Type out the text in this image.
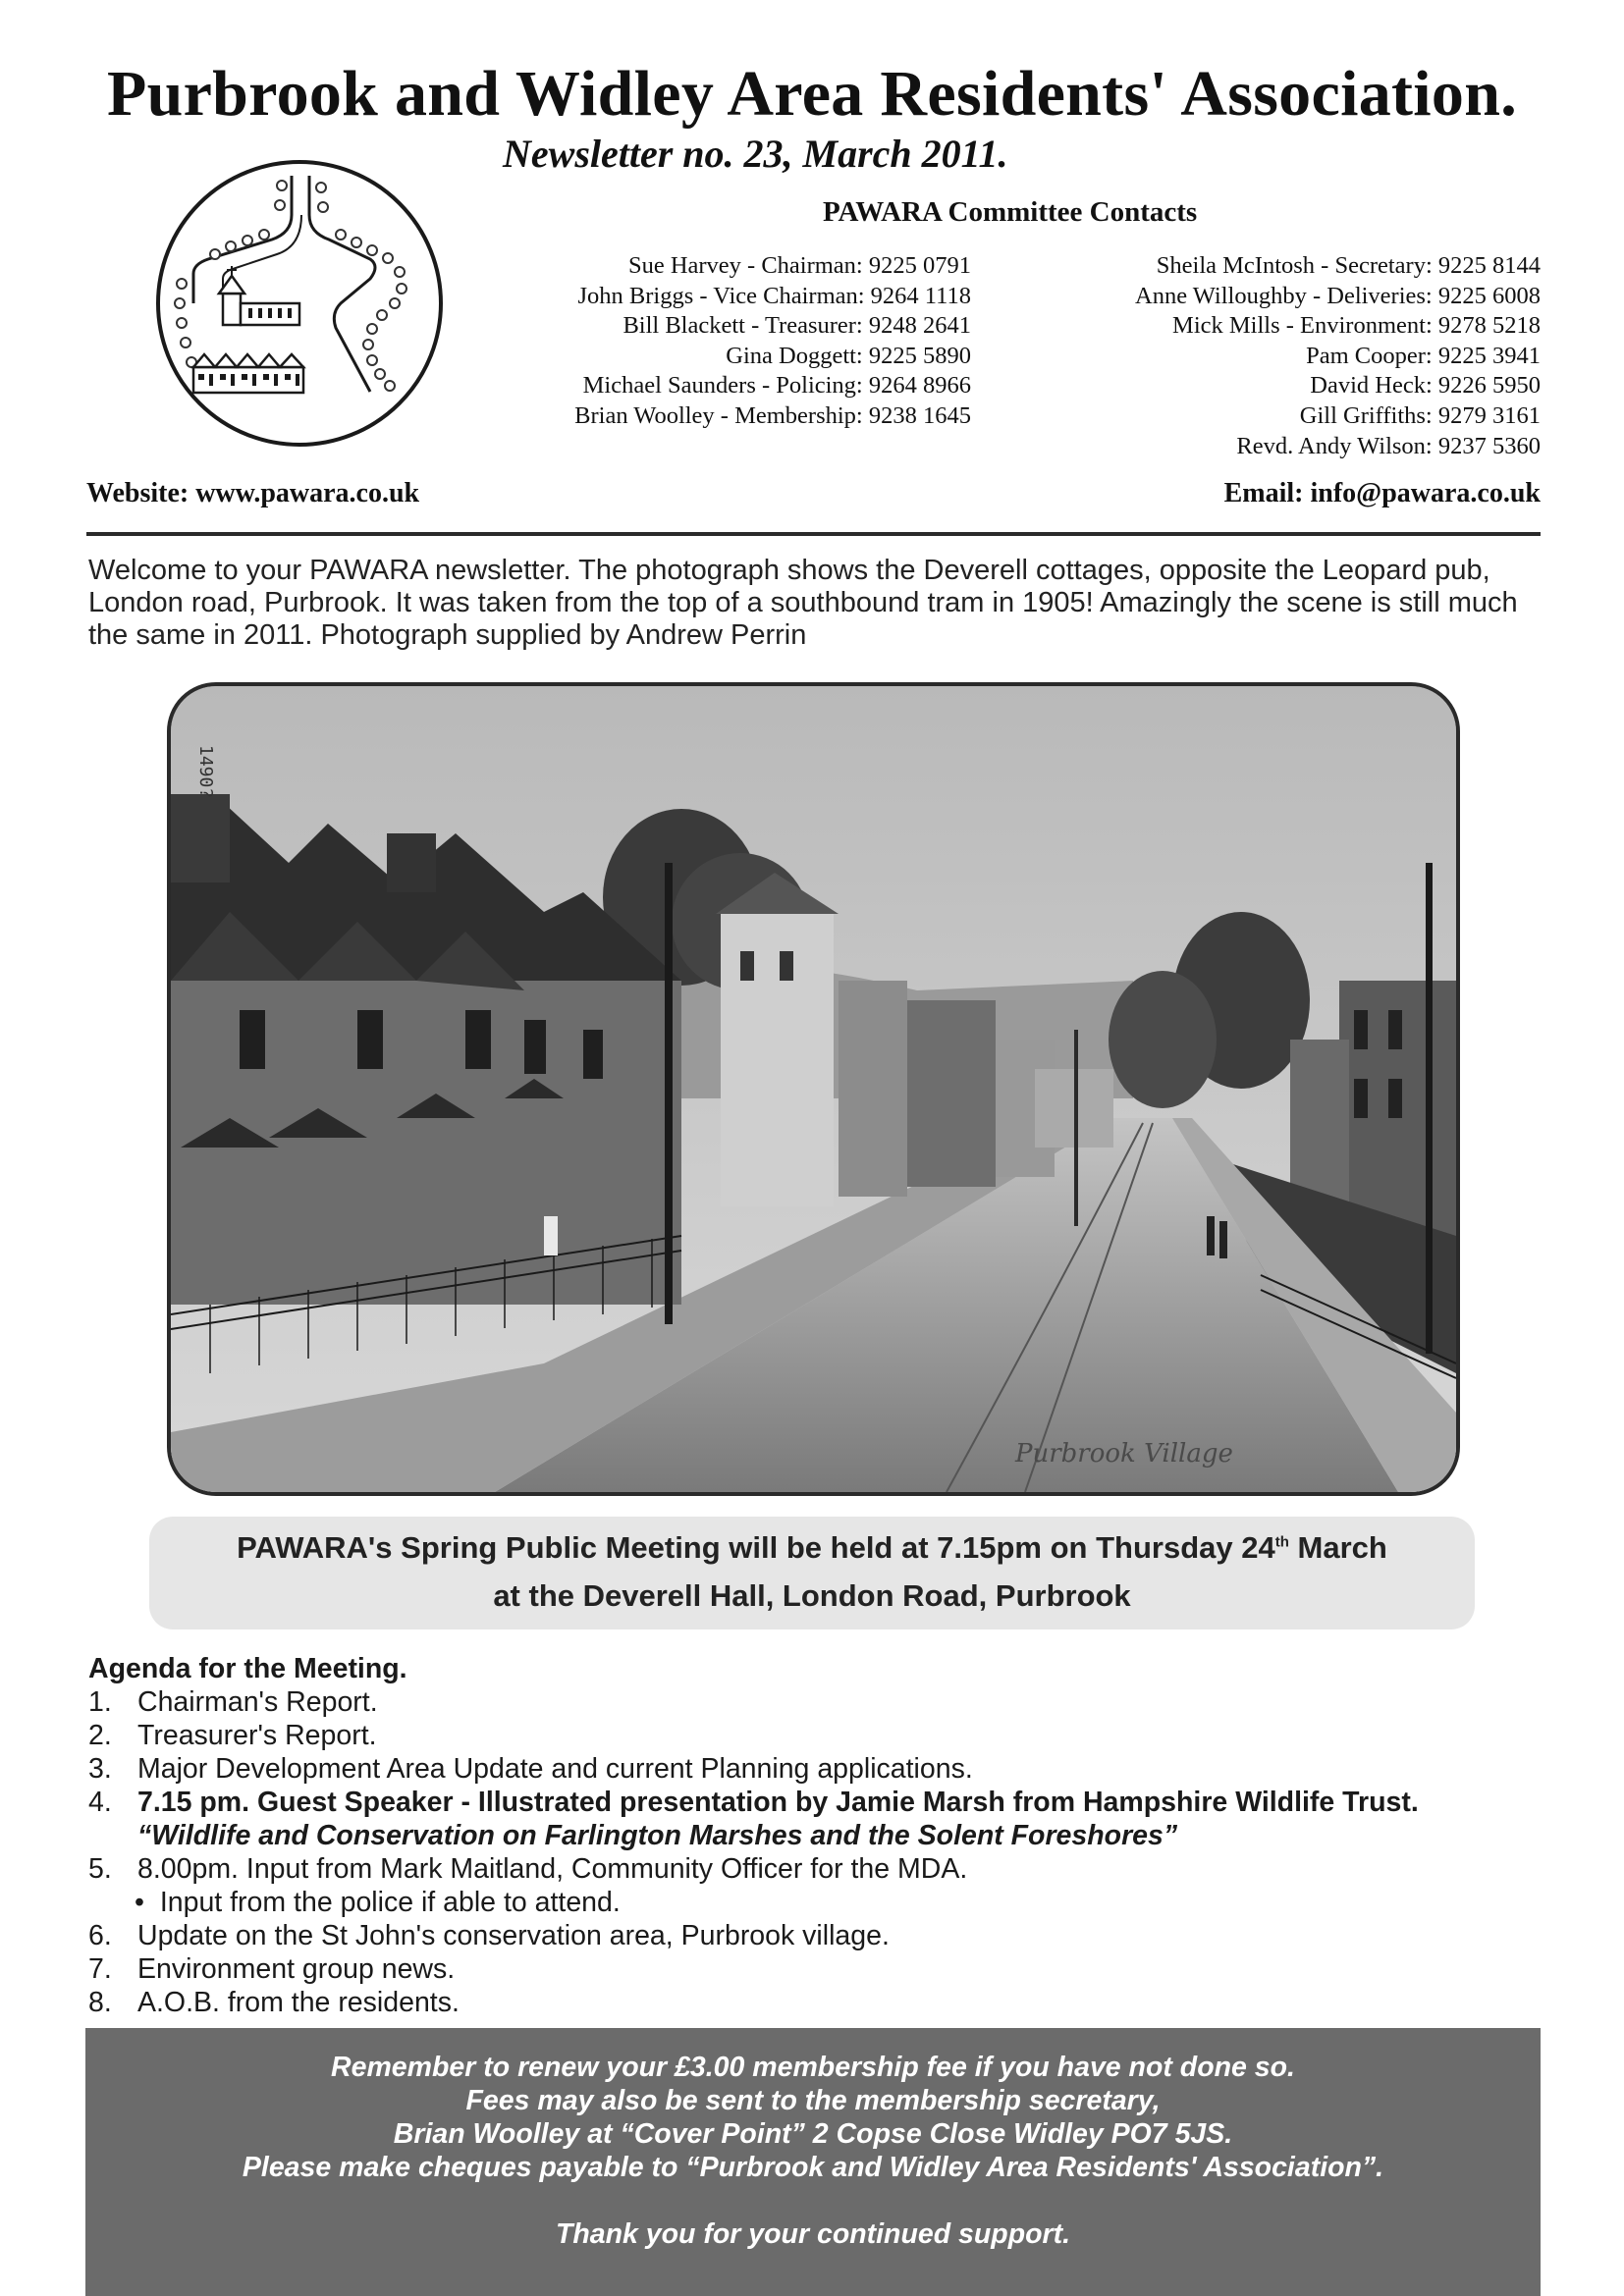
Purbrook and Widley Area Residents' Association.
Newsletter no. 23, March 2011.
PAWARA Committee Contacts
Sue Harvey - Chairman: 9225 0791
John Briggs - Vice Chairman: 9264 1118
Bill Blackett - Treasurer: 9248 2641
Gina Doggett: 9225 5890
Michael Saunders - Policing: 9264 8966
Brian Woolley - Membership: 9238 1645
Sheila McIntosh - Secretary: 9225 8144
Anne Willoughby - Deliveries: 9225 6008
Mick Mills - Environment: 9278 5218
Pam Cooper: 9225 3941
David Heck: 9226 5950
Gill Griffiths: 9279 3161
Revd. Andy Wilson: 9237 5360
Website: www.pawara.co.uk	Email: info@pawara.co.uk
Welcome to your PAWARA newsletter. The photograph shows the Deverell cottages, opposite the Leopard pub, London road, Purbrook. It was taken from the top of a southbound tram in 1905! Amazingly the scene is still much the same in 2011. Photograph supplied by Andrew Perrin
1490?
Purbrook Village
PAWARA's Spring Public Meeting will be held at 7.15pm on Thursday 24th March
at the Deverell Hall, London Road, Purbrook
Agenda for the Meeting.
1. Chairman's Report.
2. Treasurer's Report.
3. Major Development Area Update and current Planning applications.
4. 7.15 pm. Guest Speaker - Illustrated presentation by Jamie Marsh from Hampshire Wildlife Trust.
“Wildlife and Conservation on Farlington Marshes and the Solent Foreshores”
5. 8.00pm. Input from Mark Maitland, Community Officer for the MDA.
•  Input from the police if able to attend.
6. Update on the St John's conservation area, Purbrook village.
7. Environment group news.
8. A.O.B. from the residents.
Remember to renew your £3.00 membership fee if you have not done so.
Fees may also be sent to the membership secretary,
Brian Woolley at “Cover Point” 2 Copse Close Widley PO7 5JS.
Please make cheques payable to “Purbrook and Widley Area Residents' Association”.
Thank you for your continued support.
